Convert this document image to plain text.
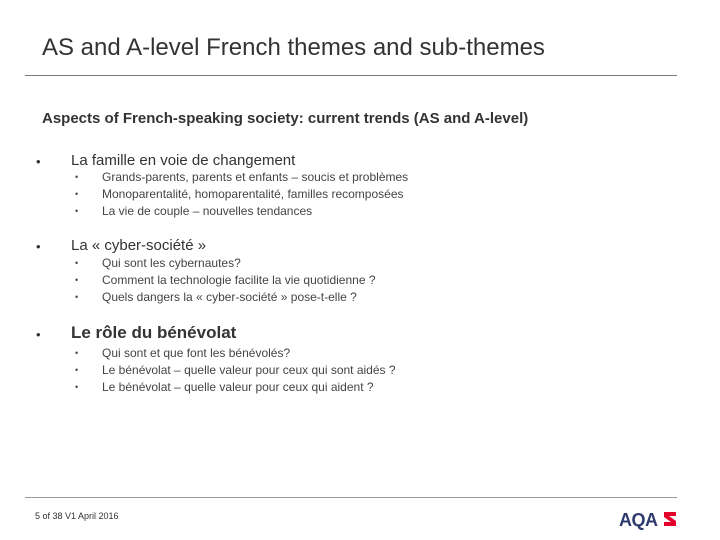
AS and A-level French themes and sub-themes
Aspects of French-speaking society: current trends (AS and A-level)
• La famille en voie de changement
• Grands-parents, parents et enfants – soucis et problèmes
• Monoparentalité, homoparentalité, familles recomposées
• La vie de couple – nouvelles tendances
• La « cyber-société »
• Qui sont les cybernautes?
• Comment la technologie facilite la vie quotidienne ?
• Quels dangers la « cyber-société » pose-t-elle ?
• Le rôle du bénévolat
• Qui sont et que font les bénévolés?
• Le bénévolat – quelle valeur pour ceux qui sont aidés ?
• Le bénévolat – quelle valeur pour ceux qui aident ?
5 of 38 V1 April 2016	AQA
